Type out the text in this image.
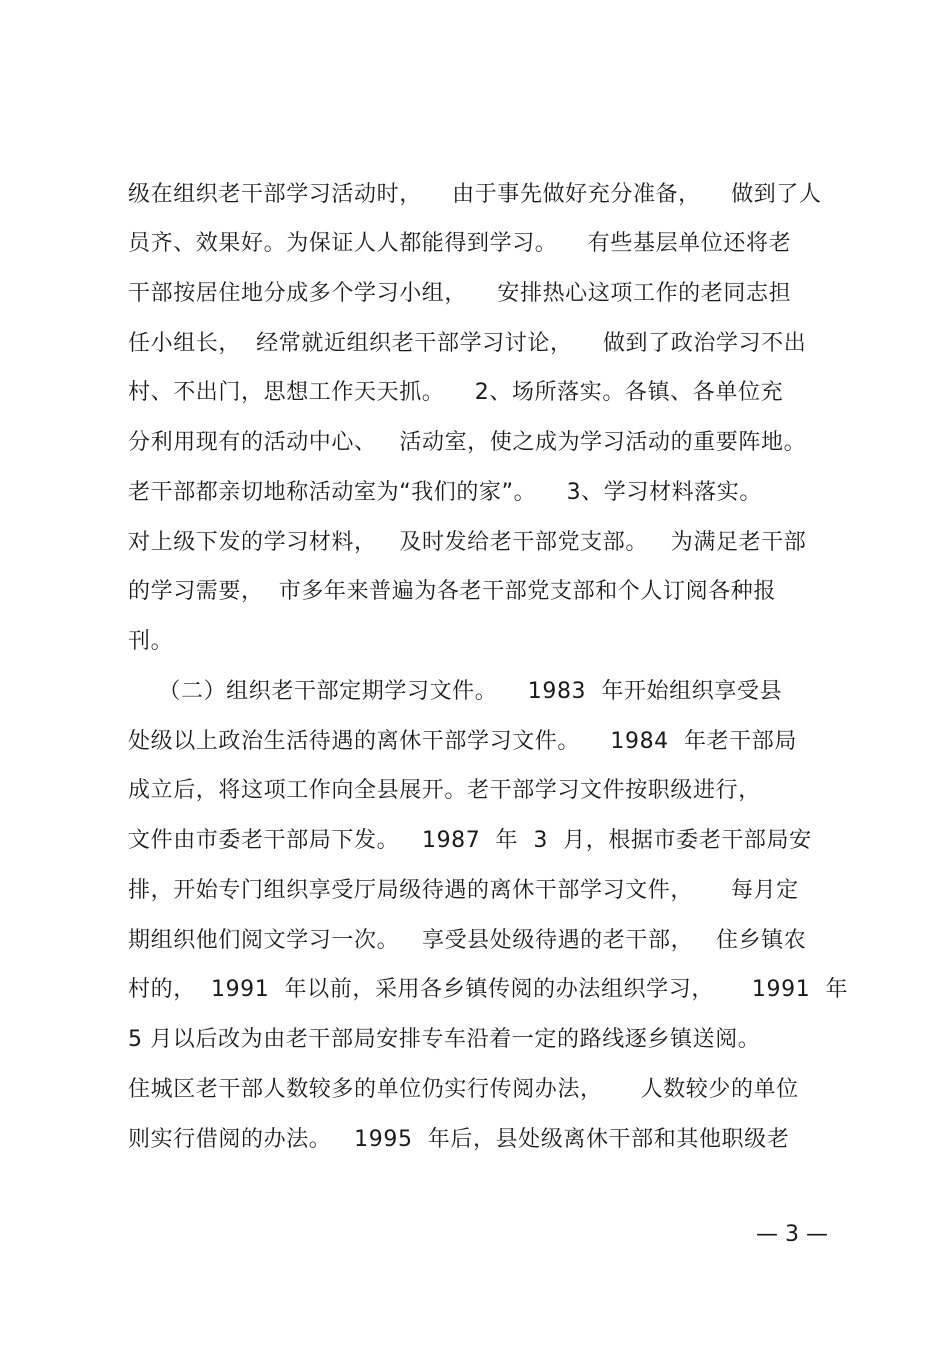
级在组织老干部学习活动时，    由于事先做好充分准备，    做到了人
员齐、效果好。为保证人人都能得到学习。    有些基层单位还将老
干部按居住地分成多个学习小组，    安排热心这项工作的老同志担
任小组长，  经常就近组织老干部学习讨论，    做到了政治学习不出
村、不出门，思想工作天天抓。    2、场所落实。各镇、各单位充
分利用现有的活动中心、   活动室，使之成为学习活动的重要阵地。
老干部都亲切地称活动室为“我们的家”。    3、学习材料落实。
对上级下发的学习材料，   及时发给老干部党支部。   为满足老干部
的学习需要，  市多年来普遍为各老干部党支部和个人订阅各种报
刊。
（二）组织老干部定期学习文件。    1983  年开始组织享受县
处级以上政治生活待遇的离休干部学习文件。    1984  年老干部局
成立后，将这项工作向全县展开。老干部学习文件按职级进行，
文件由市委老干部局下发。   1987  年  3  月，根据市委老干部局安
排，开始专门组织享受厅局级待遇的离休干部学习文件，     每月定
期组织他们阅文学习一次。   享受县处级待遇的老干部，   住乡镇农
村的，  1991  年以前，采用各乡镇传阅的办法组织学习，     1991  年
5 月以后改为由老干部局安排专车沿着一定的路线逐乡镇送阅。
住城区老干部人数较多的单位仍实行传阅办法，     人数较少的单位
则实行借阅的办法。   1995  年后，县处级离休干部和其他职级老
— 3 —
